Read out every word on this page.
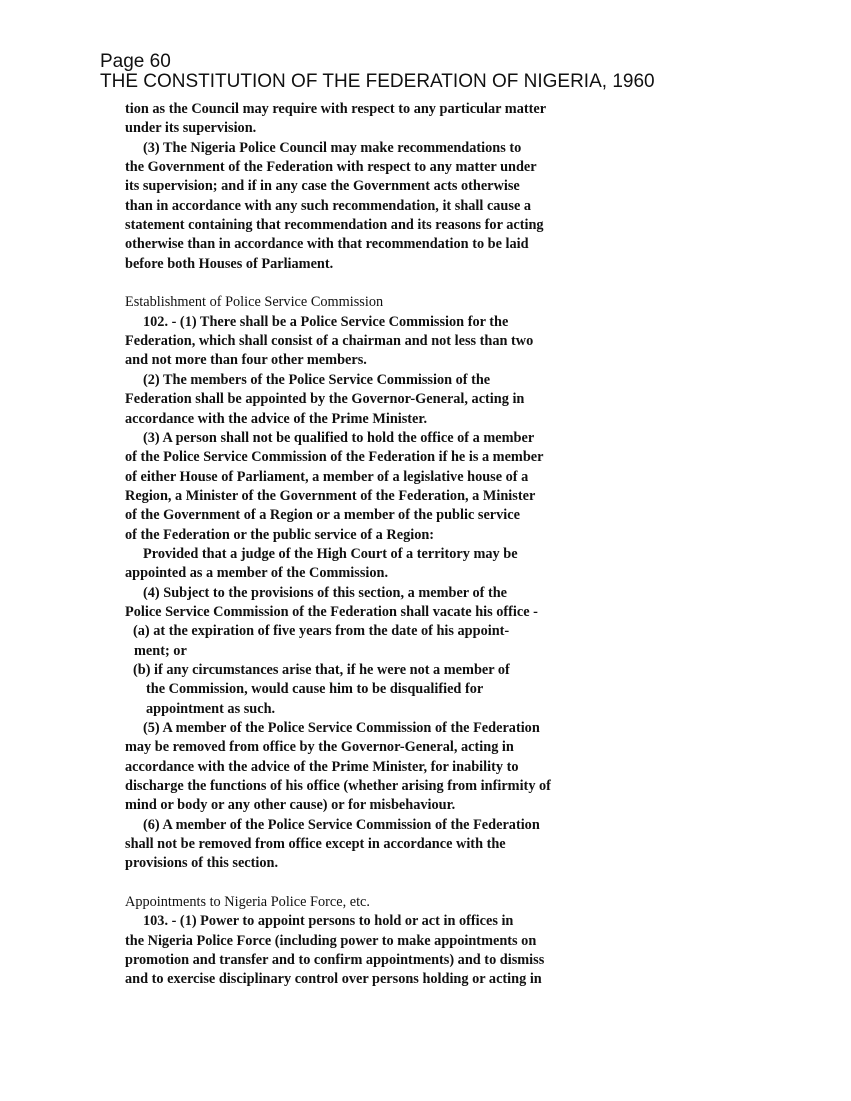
Page 60
THE CONSTITUTION OF THE FEDERATION OF NIGERIA, 1960
tion as the Council may require with respect to any particular matter
under its supervision.
(3) The Nigeria Police Council may make recommendations to
the Government of the Federation with respect to any matter under
its supervision; and if in any case the Government acts otherwise
than in accordance with any such recommendation, it shall cause a
statement containing that recommendation and its reasons for acting
otherwise than in accordance with that recommendation to be laid
before both Houses of Parliament.
Establishment of Police Service Commission
102. - (1) There shall be a Police Service Commission for the
Federation, which shall consist of a chairman and not less than two
and not more than four other members.
(2) The members of the Police Service Commission of the
Federation shall be appointed by the Governor-General, acting in
accordance with the advice of the Prime Minister.
(3) A person shall not be qualified to hold the office of a member
of the Police Service Commission of the Federation if he is a member
of either House of Parliament, a member of a legislative house of a
Region, a Minister of the Government of the Federation, a Minister
of the Government of a Region or a member of the public service
of the Federation or the public service of a Region:
Provided that a judge of the High Court of a territory may be
appointed as a member of the Commission.
(4) Subject to the provisions of this section, a member of the
Police Service Commission of the Federation shall vacate his office -
(a) at the expiration of five years from the date of his appoint-
ment; or
(b) if any circumstances arise that, if he were not a member of
the Commission, would cause him to be disqualified for
appointment as such.
(5) A member of the Police Service Commission of the Federation
may be removed from office by the Governor-General, acting in
accordance with the advice of the Prime Minister, for inability to
discharge the functions of his office (whether arising from infirmity of
mind or body or any other cause) or for misbehaviour.
(6) A member of the Police Service Commission of the Federation
shall not be removed from office except in accordance with the
provisions of this section.
Appointments to Nigeria Police Force, etc.
103. - (1) Power to appoint persons to hold or act in offices in
the Nigeria Police Force (including power to make appointments on
promotion and transfer and to confirm appointments) and to dismiss
and to exercise disciplinary control over persons holding or acting in
